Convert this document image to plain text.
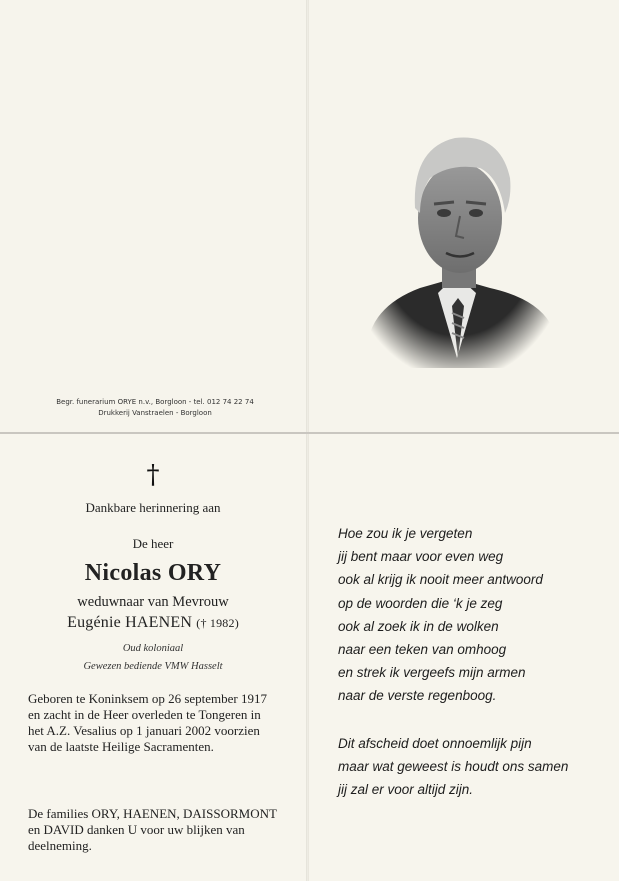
Begr. funerarium ORYE n.v., Borgloon - tel. 012 74 22 74
Drukkerij Vanstraelen - Borgloon
†
Dankbare herinnering aan
De heer
Nicolas ORY
weduwnaar van Mevrouw
Eugénie HAENEN († 1982)
Oud koloniaal
Gewezen bediende VMW Hasselt
Geboren te Koninksem op 26 september 1917
en zacht in de Heer overleden te Tongeren in
het A.Z. Vesalius op 1 januari 2002 voorzien
van de laatste Heilige Sacramenten.
De families ORY, HAENEN, DAISSORMONT
en DAVID danken U voor uw blijken van
deelneming.
Hoe zou ik je vergeten
jij bent maar voor even weg
ook al krijg ik nooit meer antwoord
op de woorden die ‘k je zeg
ook al zoek ik in de wolken
naar een teken van omhoog
en strek ik vergeefs mijn armen
naar de verste regenboog.
Dit afscheid doet onnoemlijk pijn
maar wat geweest is houdt ons samen
jij zal er voor altijd zijn.
